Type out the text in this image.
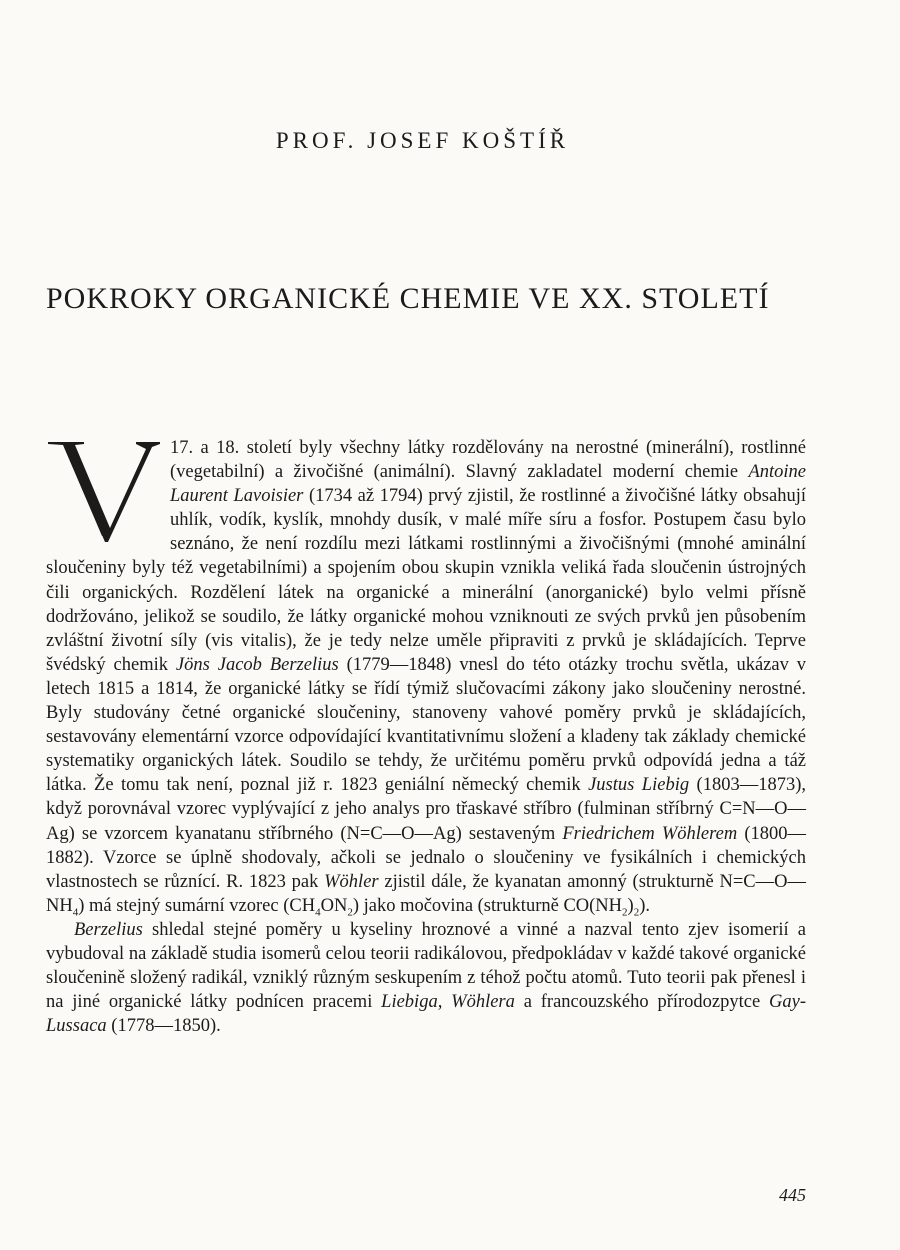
PROF. JOSEF KOŠTÍŘ
POKROKY ORGANICKÉ CHEMIE VE XX. STOLETÍ

17. a 18. století byly všechny látky rozdělovány na nerostné (minerální), rostlinné (vegetabilní) a živočišné (animální). Slavný zakladatel moderní chemie Antoine Laurent Lavoisier (1734 až 1794) prvý zjistil, že rostlinné a živočišné látky obsahují uhlík, vodík, kyslík, mnohdy dusík, v malé míře síru a fosfor. Postupem času bylo seznáno, že není rozdílu mezi látkami rostlinnými a živočišnými (mnohé aminální sloučeniny byly též vegetabilními) a spojením obou skupin vznikla veliká řada sloučenin ústrojných čili organických. Rozdělení látek na organické a minerální (anorganické) bylo velmi přísně dodržováno, jelikož se soudilo, že látky organické mohou vzniknouti ze svých prvků jen působením zvláštní životní síly (vis vitalis), že je tedy nelze uměle připraviti z prvků je skládajících. Teprve švédský chemik Jöns Jacob Berzelius (1779—1848) vnesl do této otázky trochu světla, ukázav v letech 1815 a 1814, že organické látky se řídí týmiž slučovacími zákony jako sloučeniny nerostné. Byly studovány četné organické sloučeniny, stanoveny vahové poměry prvků je skládajících, sestavovány elementární vzorce odpovídající kvantitativnímu složení a kladeny tak základy chemické systematiky organických látek. Soudilo se tehdy, že určitému poměru prvků odpovídá jedna a táž látka. Že tomu tak není, poznal již r. 1823 geniální německý chemik Justus Liebig (1803—1873), když porovnával vzorec vyplývající z jeho analys pro třaskavé stříbro (fulminan stříbrný C=N—O—Ag) se vzorcem kyanatanu stříbrného (N=C—O—Ag) sestaveným Friedrichem Wöhlerem (1800—1882). Vzorce se úplně shodovaly, ačkoli se jednalo o sloučeniny ve fysikálních i chemických vlastnostech se různící. R. 1823 pak Wöhler zjistil dále, že kyanatan amonný (strukturně $N=C—O—NH_4$) má stejný sumární vzorec $(CH_4ON_2)$ jako močovina (strukturně $CO(NH_2)_2$).

Berzelius shledal stejné poměry u kyseliny hroznové a vinné a nazval tento zjev isomerií a vybudoval na základě studia isomerů celou teorii radikálovou, předpokládav v každé takové organické sloučenině složený radikál, vzniklý různým seskupením z téhož počtu atomů. Tuto teorii pak přenesl i na jiné organické látky podnícen pracemi Liebiga, Wöhlera a francouzského přírodozpytce Gay-Lussaca (1778—1850).

445
